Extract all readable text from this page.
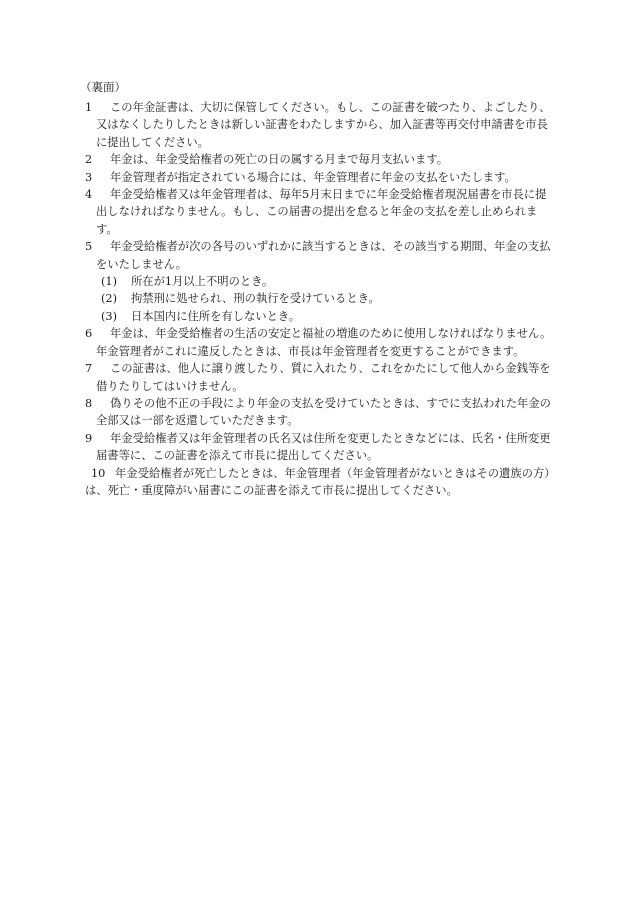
（裏面）

1	この年金証書は、大切に保管してください。もし、この証書を破つたり、よごしたり、又はなくしたりしたときは新しい証書をわたしますから、加入証書等再交付申請書を市長に提出してください。

2	年金は、年金受給権者の死亡の日の属する月まで毎月支払います。

3	年金管理者が指定されている場合には、年金管理者に年金の支払をいたします。

4	年金受給権者又は年金管理者は、毎年5月末日までに年金受給権者現況届書を市長に提出しなければなりません。もし、この届書の提出を怠ると年金の支払を差し止められます。

5	年金受給権者が次の各号のいずれかに該当するときは、その該当する期間、年金の支払をいたしません。

(1) 所在が1月以上不明のとき。

(2) 拘禁刑に処せられ、刑の執行を受けているとき。

(3) 日本国内に住所を有しないとき。

6	年金は、年金受給権者の生活の安定と福祉の増進のために使用しなければなりません。年金管理者がこれに違反したときは、市長は年金管理者を変更することができます。

7	この証書は、他人に譲り渡したり、質に入れたり、これをかたにして他人から金銭等を借りたりしてはいけません。

8	偽りその他不正の手段により年金の支払を受けていたときは、すでに支払われた年金の全部又は一部を返還していただきます。

9	年金受給権者又は年金管理者の氏名又は住所を変更したときなどには、氏名・住所変更届書等に、この証書を添えて市長に提出してください。

10 年金受給権者が死亡したときは、年金管理者（年金管理者がないときはその遺族の方）は、死亡・重度障がい届書にこの証書を添えて市長に提出してください。
